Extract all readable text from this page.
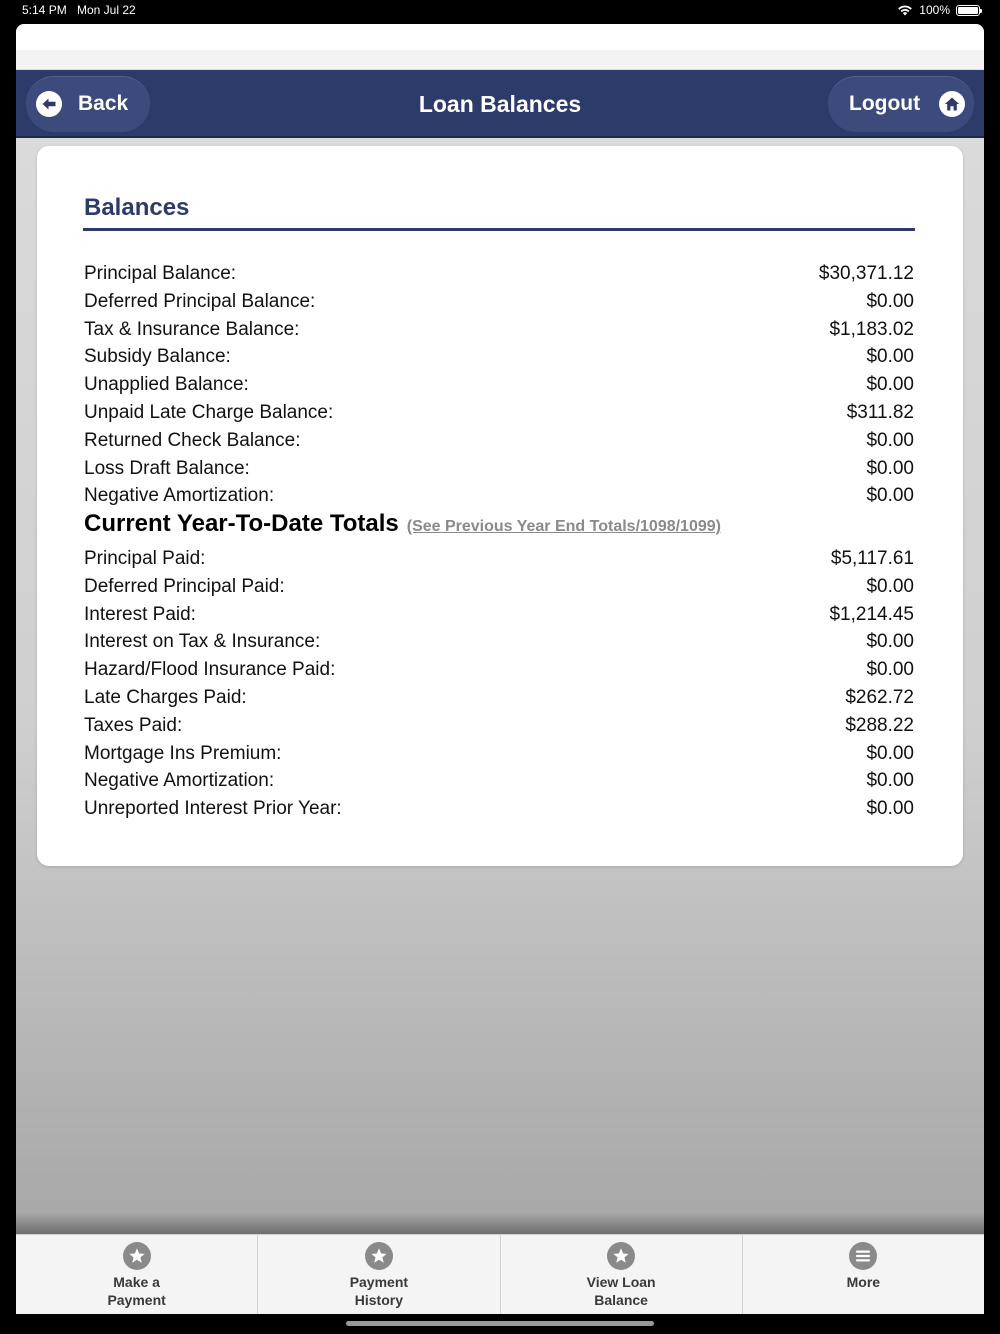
5:14 PM Mon Jul 22	100%
Back	Loan Balances	Logout
Balances
Principal Balance:	$30,371.12
Deferred Principal Balance:	$0.00
Tax & Insurance Balance:	$1,183.02
Subsidy Balance:	$0.00
Unapplied Balance:	$0.00
Unpaid Late Charge Balance:	$311.82
Returned Check Balance:	$0.00
Loss Draft Balance:	$0.00
Negative Amortization:	$0.00
Current Year-To-Date Totals (See Previous Year End Totals/1098/1099)
Principal Paid:	$5,117.61
Deferred Principal Paid:	$0.00
Interest Paid:	$1,214.45
Interest on Tax & Insurance:	$0.00
Hazard/Flood Insurance Paid:	$0.00
Late Charges Paid:	$262.72
Taxes Paid:	$288.22
Mortgage Ins Premium:	$0.00
Negative Amortization:	$0.00
Unreported Interest Prior Year:	$0.00
Make a
Payment
Payment
History
View Loan
Balance
More
